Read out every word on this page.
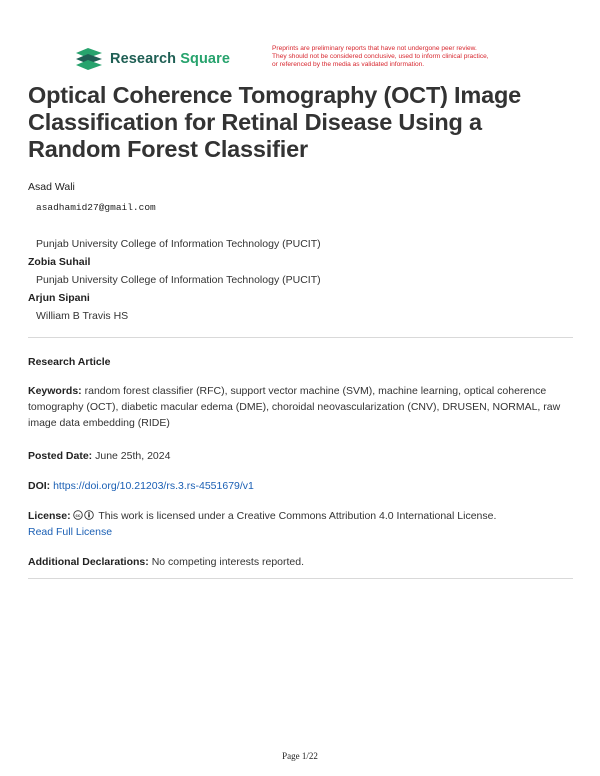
Research Square
Preprints are preliminary reports that have not undergone peer review.
They should not be considered conclusive, used to inform clinical practice,
or referenced by the media as validated information.
Optical Coherence Tomography (OCT) Image Classification for Retinal Disease Using a Random Forest Classifier
Asad Wali
asadhamid27@gmail.com
Punjab University College of Information Technology (PUCIT)
Zobia Suhail
Punjab University College of Information Technology (PUCIT)
Arjun Sipani
William B Travis HS
Research Article

Keywords: random forest classifier (RFC), support vector machine (SVM), machine learning, optical coherence tomography (OCT), diabetic macular edema (DME), choroidal neovascularization (CNV), DRUSEN, NORMAL, raw image data embedding (RIDE)

Posted Date: June 25th, 2024

DOI: https://doi.org/10.21203/rs.3.rs-4551679/v1

License: cc This work is licensed under a Creative Commons Attribution 4.0 International License.
Read Full License

Additional Declarations: No competing interests reported.

Page 1/22
